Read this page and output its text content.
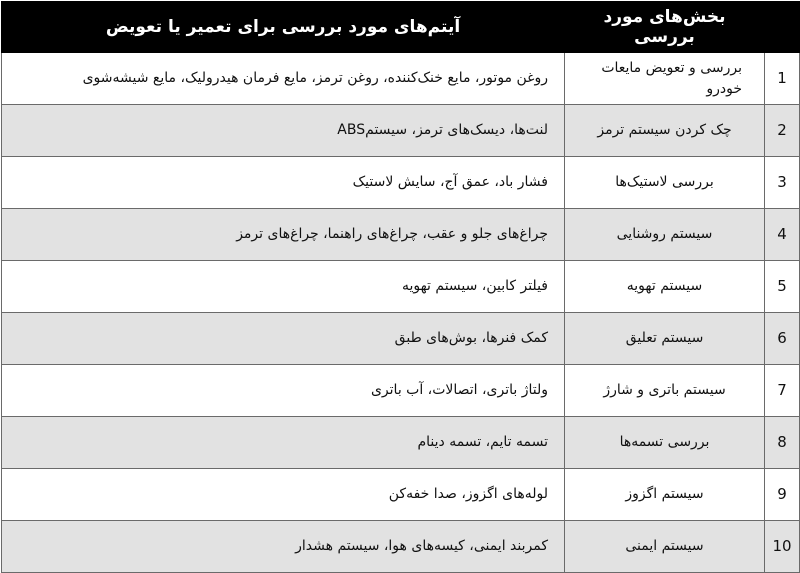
	بخش‌های مورد بررسی	آیتم‌های مورد بررسی برای تعمیر یا تعویض
1	بررسی و تعویض مایعات خودرو	روغن موتور، مایع خنک‌کننده، روغن ترمز، مایع فرمان هیدرولیک، مایع شیشه‌شوی
2	چک کردن سیستم ترمز	لنت‌ها، دیسک‌های ترمز، سیستمABS
3	بررسی لاستیک‌ها	فشار باد، عمق آج، سایش لاستیک
4	سیستم روشنایی	چراغ‌های جلو و عقب، چراغ‌های راهنما، چراغ‌های ترمز
5	سیستم تهویه	فیلتر کابین، سیستم تهویه
6	سیستم تعلیق	کمک فنرها، بوش‌های طبق
7	سیستم باتری و شارژ	ولتاژ باتری، اتصالات، آب باتری
8	بررسی تسمه‌ها	تسمه تایم، تسمه دینام
9	سیستم اگزوز	لوله‌های اگزوز، صدا خفه‌کن
10	سیستم ایمنی	کمربند ایمنی، کیسه‌های هوا، سیستم هشدار
